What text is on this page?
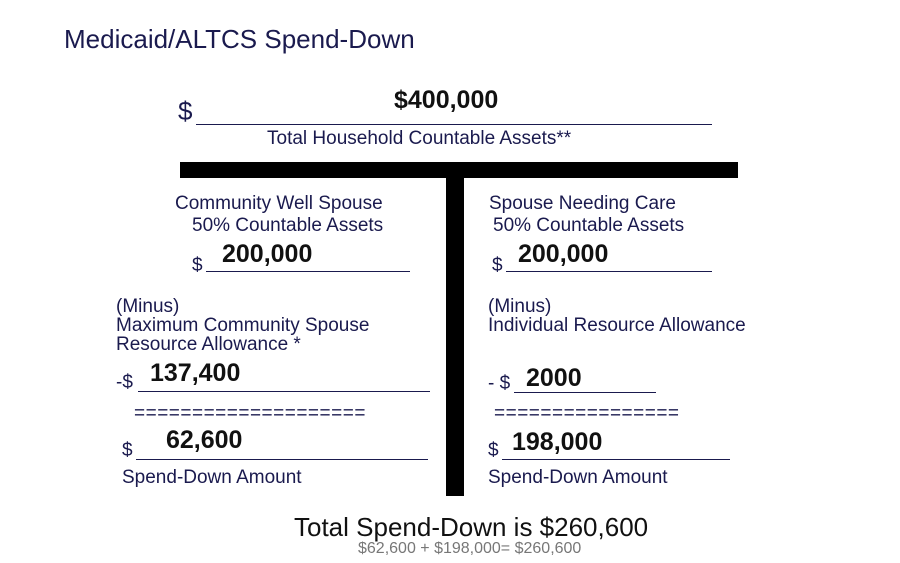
Medicaid/ALTCS Spend-Down
$	$400,000
Total Household Countable Assets**
Community Well Spouse
50% Countable Assets
$ 200,000
(Minus)
Maximum Community Spouse
Resource Allowance *
-$ 137,400
====================
$ 62,600
Spend-Down Amount
Spouse Needing Care
50% Countable Assets
$ 200,000
(Minus)
Individual Resource Allowance
- $ 2000
================
$ 198,000
Spend-Down Amount
Total Spend-Down is $260,600
$62,600 + $198,000= $260,600
